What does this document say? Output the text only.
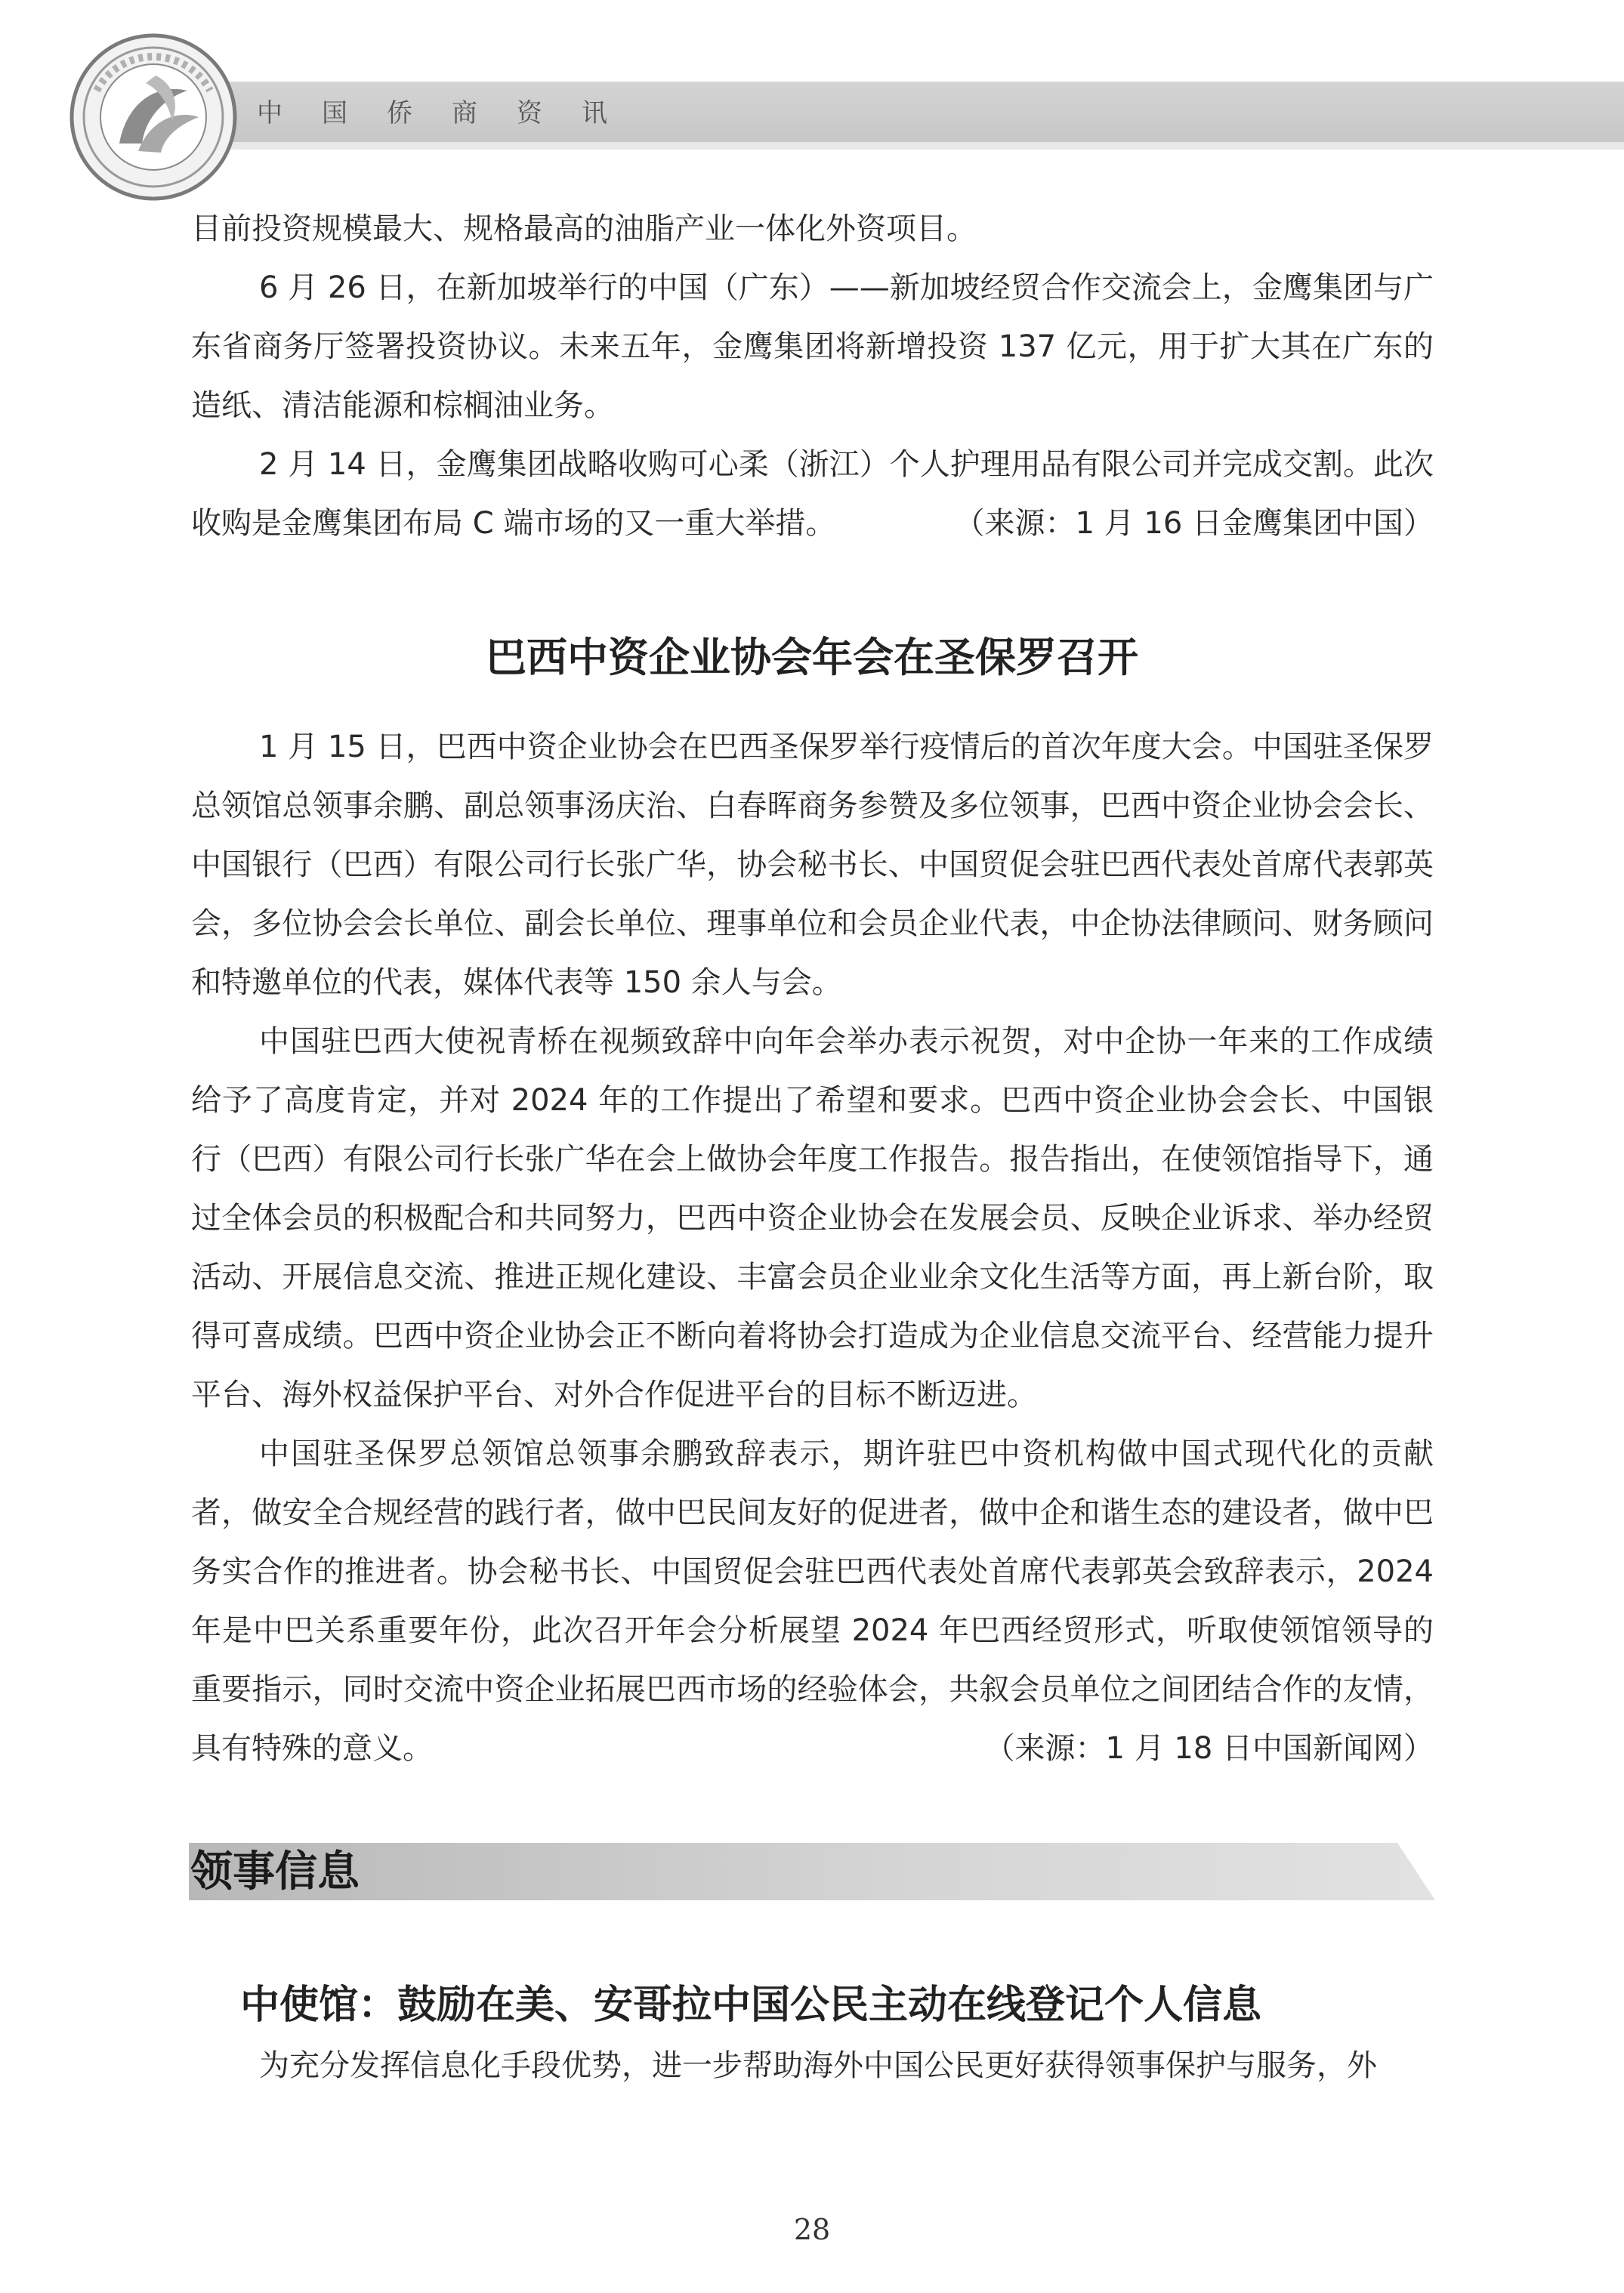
中国侨商资讯

目前投资规模最大、规格最高的油脂产业一体化外资项目。

6 月 26 日，在新加坡举行的中国（广东）——新加坡经贸合作交流会上，金鹰集团与广东省商务厅签署投资协议。未来五年，金鹰集团将新增投资 137 亿元，用于扩大其在广东的造纸、清洁能源和棕榈油业务。

2 月 14 日，金鹰集团战略收购可心柔（浙江）个人护理用品有限公司并完成交割。此次收购是金鹰集团布局 C 端市场的又一重大举措。	（来源：1 月 16 日金鹰集团中国）

巴西中资企业协会年会在圣保罗召开

1 月 15 日，巴西中资企业协会在巴西圣保罗举行疫情后的首次年度大会。中国驻圣保罗总领馆总领事余鹏、副总领事汤庆治、白春晖商务参赞及多位领事，巴西中资企业协会会长、中国银行（巴西）有限公司行长张广华，协会秘书长、中国贸促会驻巴西代表处首席代表郭英会，多位协会会长单位、副会长单位、理事单位和会员企业代表，中企协法律顾问、财务顾问和特邀单位的代表，媒体代表等 150 余人与会。

中国驻巴西大使祝青桥在视频致辞中向年会举办表示祝贺，对中企协一年来的工作成绩给予了高度肯定，并对 2024 年的工作提出了希望和要求。巴西中资企业协会会长、中国银行（巴西）有限公司行长张广华在会上做协会年度工作报告。报告指出，在使领馆指导下，通过全体会员的积极配合和共同努力，巴西中资企业协会在发展会员、反映企业诉求、举办经贸活动、开展信息交流、推进正规化建设、丰富会员企业业余文化生活等方面，再上新台阶，取得可喜成绩。巴西中资企业协会正不断向着将协会打造成为企业信息交流平台、经营能力提升平台、海外权益保护平台、对外合作促进平台的目标不断迈进。

中国驻圣保罗总领馆总领事余鹏致辞表示，期许驻巴中资机构做中国式现代化的贡献者，做安全合规经营的践行者，做中巴民间友好的促进者，做中企和谐生态的建设者，做中巴务实合作的推进者。协会秘书长、中国贸促会驻巴西代表处首席代表郭英会致辞表示，2024 年是中巴关系重要年份，此次召开年会分析展望 2024 年巴西经贸形式，听取使领馆领导的重要指示，同时交流中资企业拓展巴西市场的经验体会，共叙会员单位之间团结合作的友情，具有特殊的意义。	（来源：1 月 18 日中国新闻网）

领事信息
中使馆：鼓励在美、安哥拉中国公民主动在线登记个人信息

为充分发挥信息化手段优势，进一步帮助海外中国公民更好获得领事保护与服务，外

28
